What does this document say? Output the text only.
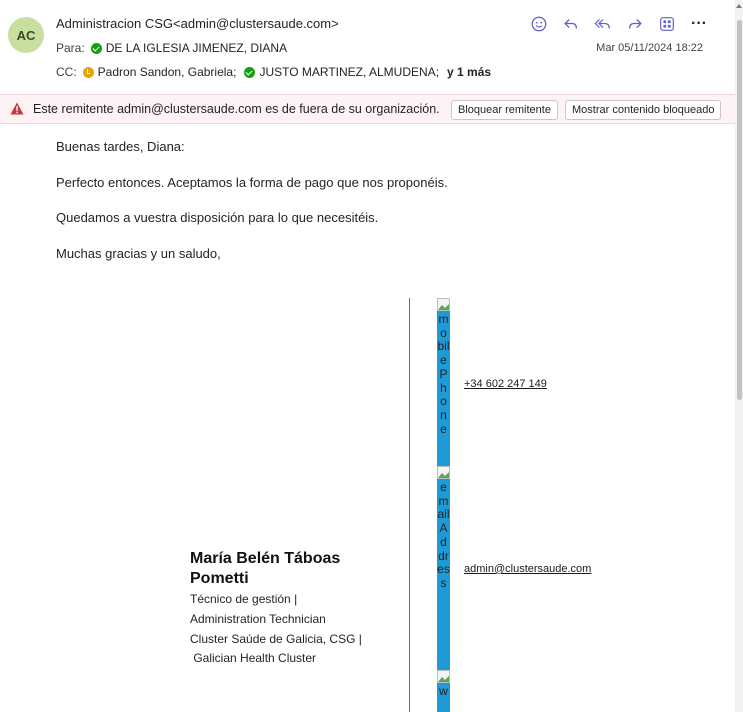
AC
Administracion CSG<admin@clustersaude.com>
Para: DE LA IGLESIA JIMENEZ, DIANA
CC: Padron Sandon, Gabriela; JUSTO MARTINEZ, ALMUDENA; y 1 más
···
Mar 05/11/2024 18:22
Este remitente admin@clustersaude.com es de fuera de su organización.	Bloquear remitente	Mostrar contenido bloqueado

Buenas tardes, Diana:

Perfecto entonces. Aceptamos la forma de pago que nos proponéis.

Quedamos a vuestra disposición para lo que necesitéis.

Muchas gracias y un saludo,

María Belén Táboas Pometti
Técnico de gestión |
Administration Technician
Cluster Saúde de Galicia, CSG |
Galician Health Cluster
mobilePhone
emailAddress
w
+34 602 247 149
admin@clustersaude.com
